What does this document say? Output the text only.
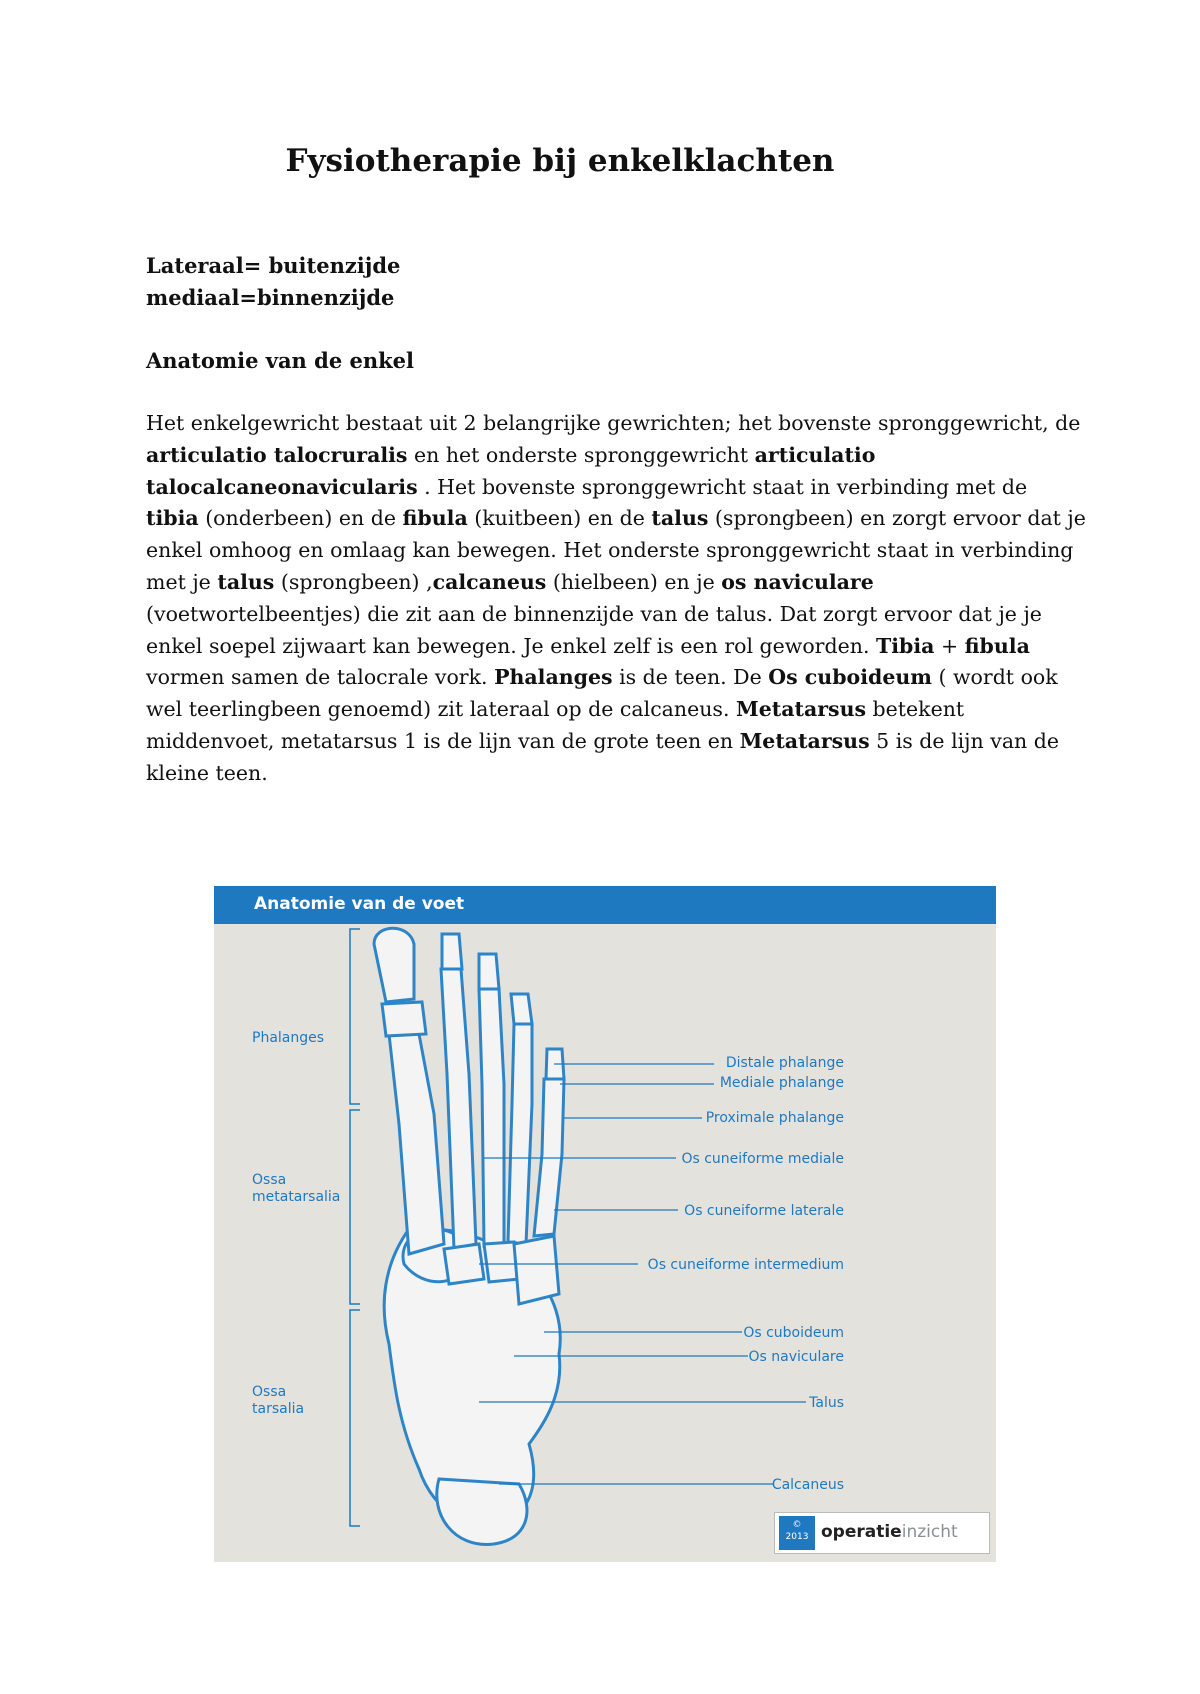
Fysiotherapie bij enkelklachten
Lateraal= buitenzijde
mediaal=binnenzijde
Anatomie van de enkel

Het enkelgewricht bestaat uit 2 belangrijke gewrichten; het bovenste spronggewricht, de articulatio talocruralis en het onderste spronggewricht articulatio talocalcaneonavicularis . Het bovenste spronggewricht staat in verbinding met de tibia (onderbeen) en de fibula (kuitbeen) en de talus (sprongbeen) en zorgt ervoor dat je enkel omhoog en omlaag kan bewegen. Het onderste spronggewricht staat in verbinding met je talus (sprongbeen) ,calcaneus (hielbeen) en je os naviculare (voetwortelbeentjes) die zit aan de binnenzijde van de talus. Dat zorgt ervoor dat je je enkel soepel zijwaart kan bewegen. Je enkel zelf is een rol geworden. Tibia + fibula vormen samen de talocrale vork. Phalanges is de teen. De Os cuboideum ( wordt ook wel teerlingbeen genoemd) zit lateraal op de calcaneus. Metatarsus betekent middenvoet, metatarsus 1 is de lijn van de grote teen en Metatarsus 5 is de lijn van de kleine teen.

Anatomie van de voet
Phalanges
Ossa metatarsalia
Ossa tarsalia
Distale phalange
Mediale phalange
Proximale phalange
Os cuneiforme mediale
Os cuneiforme laterale
Os cuneiforme intermedium
Os cuboideum
Os naviculare
Talus
Calcaneus
©
2013 operatieinzicht
